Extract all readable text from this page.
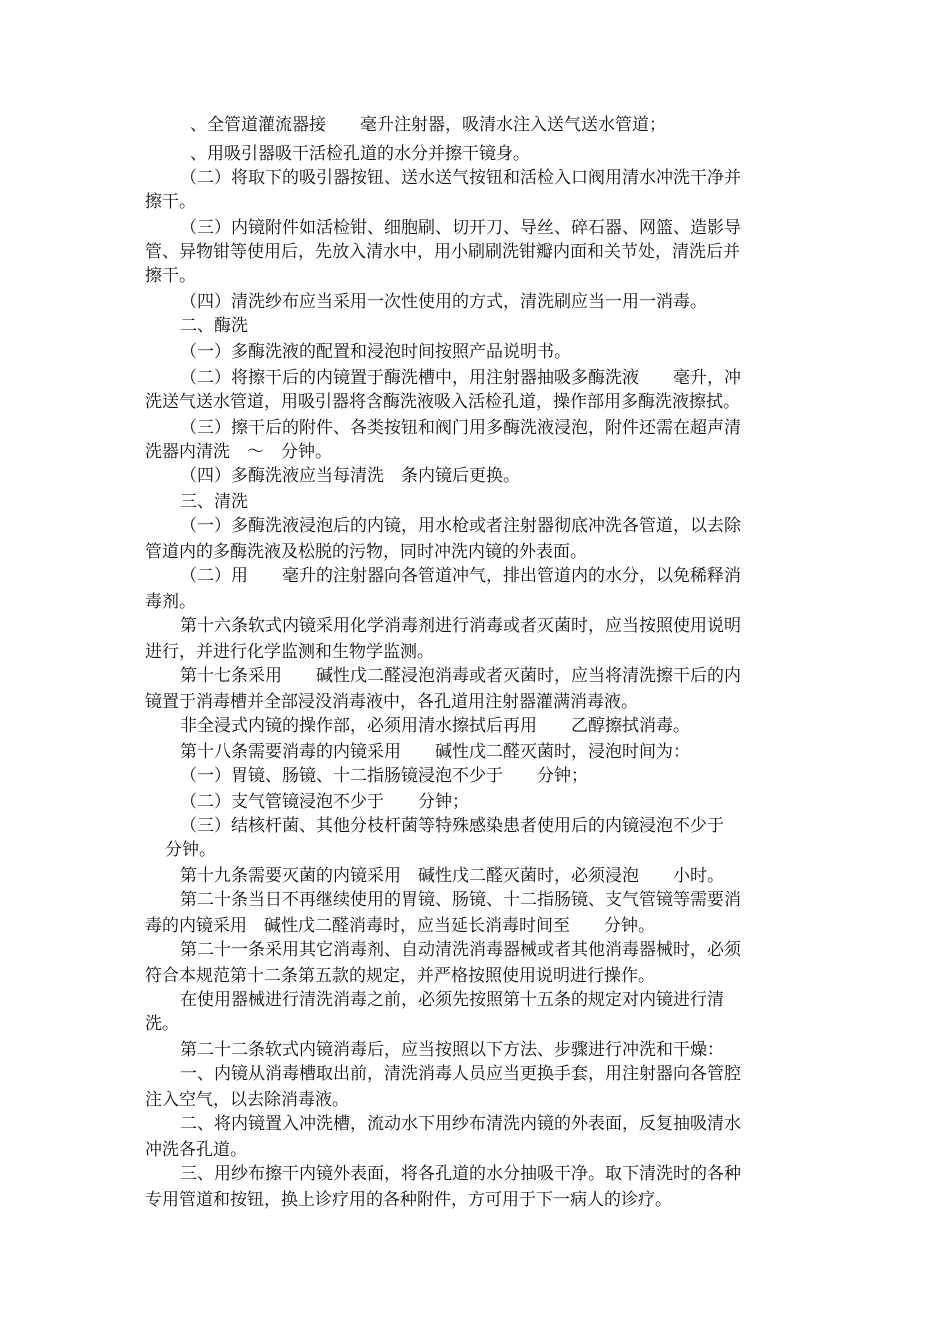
、全管道灌流器接　　毫升注射器，吸清水注入送气送水管道；
、用吸引器吸干活检孔道的水分并擦干镜身。
（二）将取下的吸引器按钮、送水送气按钮和活检入口阀用清水冲洗干净并
擦干。
（三）内镜附件如活检钳、细胞刷、切开刀、导丝、碎石器、网篮、造影导
管、异物钳等使用后，先放入清水中，用小刷刷洗钳瓣内面和关节处，清洗后并
擦干。
（四）清洗纱布应当采用一次性使用的方式，清洗刷应当一用一消毒。
二、酶洗
（一）多酶洗液的配置和浸泡时间按照产品说明书。
（二）将擦干后的内镜置于酶洗槽中，用注射器抽吸多酶洗液　　毫升，冲
洗送气送水管道，用吸引器将含酶洗液吸入活检孔道，操作部用多酶洗液擦拭。
（三）擦干后的附件、各类按钮和阀门用多酶洗液浸泡，附件还需在超声清
洗器内清洗　～　分钟。
（四）多酶洗液应当每清洗　条内镜后更换。
三、清洗
（一）多酶洗液浸泡后的内镜，用水枪或者注射器彻底冲洗各管道，以去除
管道内的多酶洗液及松脱的污物，同时冲洗内镜的外表面。
（二）用　　毫升的注射器向各管道冲气，排出管道内的水分，以免稀释消
毒剂。
第十六条软式内镜采用化学消毒剂进行消毒或者灭菌时，应当按照使用说明
进行，并进行化学监测和生物学监测。
第十七条采用　　碱性戊二醛浸泡消毒或者灭菌时，应当将清洗擦干后的内
镜置于消毒槽并全部浸没消毒液中，各孔道用注射器灌满消毒液。
非全浸式内镜的操作部，必须用清水擦拭后再用　　乙醇擦拭消毒。
第十八条需要消毒的内镜采用　　碱性戊二醛灭菌时，浸泡时间为：
（一）胃镜、肠镜、十二指肠镜浸泡不少于　　分钟；
（二）支气管镜浸泡不少于　　分钟；
（三）结核杆菌、其他分枝杆菌等特殊感染患者使用后的内镜浸泡不少于
分钟。
第十九条需要灭菌的内镜采用　碱性戊二醛灭菌时，必须浸泡　　小时。
第二十条当日不再继续使用的胃镜、肠镜、十二指肠镜、支气管镜等需要消
毒的内镜采用　碱性戊二醛消毒时，应当延长消毒时间至　　分钟。
第二十一条采用其它消毒剂、自动清洗消毒器械或者其他消毒器械时，必须
符合本规范第十二条第五款的规定，并严格按照使用说明进行操作。
在使用器械进行清洗消毒之前，必须先按照第十五条的规定对内镜进行清
洗。
第二十二条软式内镜消毒后，应当按照以下方法、步骤进行冲洗和干燥：
一、内镜从消毒槽取出前，清洗消毒人员应当更换手套，用注射器向各管腔
注入空气，以去除消毒液。
二、将内镜置入冲洗槽，流动水下用纱布清洗内镜的外表面，反复抽吸清水
冲洗各孔道。
三、用纱布擦干内镜外表面，将各孔道的水分抽吸干净。取下清洗时的各种
专用管道和按钮，换上诊疗用的各种附件，方可用于下一病人的诊疗。
